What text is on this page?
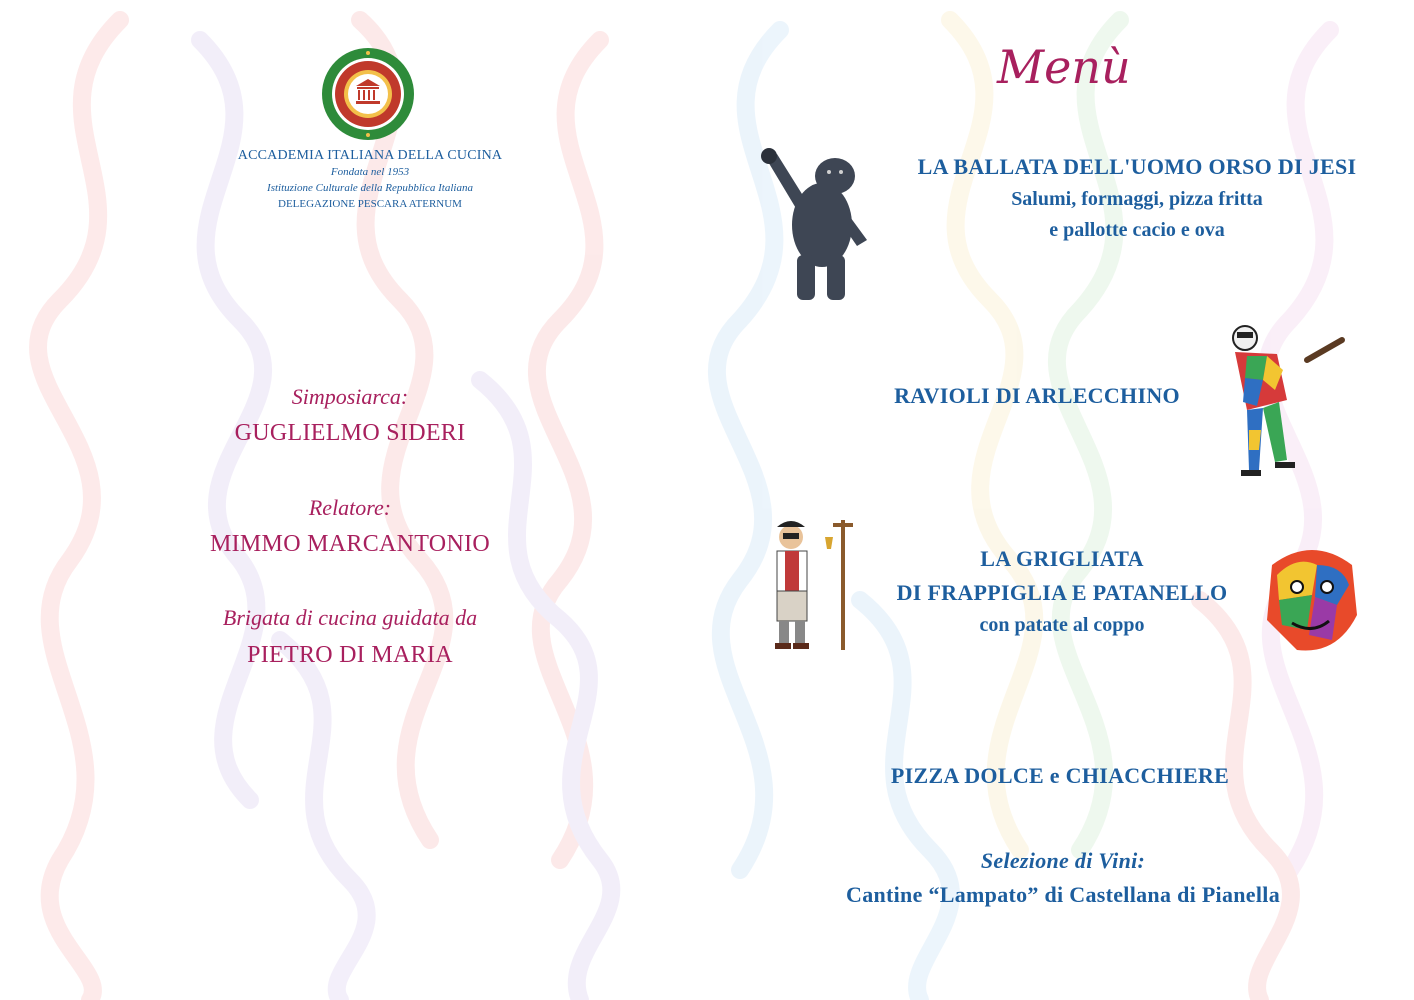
ACCADEMIA ITALIANA DELLA CUCINA
Fondata nel 1953
Istituzione Culturale della Repubblica Italiana
DELEGAZIONE PESCARA ATERNUM
Simposiarca:
GUGLIELMO SIDERI
Relatore:
MIMMO MARCANTONIO
Brigata di cucina guidata da
PIETRO DI MARIA
Menù
LA BALLATA DELL'UOMO ORSO DI JESI
Salumi, formaggi, pizza fritta
e pallotte cacio e ova
RAVIOLI DI ARLECCHINO
LA GRIGLIATA
DI FRAPPIGLIA E PATANELLO
con patate al coppo
PIZZA DOLCE e CHIACCHIERE
Selezione di Vini:
Cantine “Lampato” di Castellana di Pianella
